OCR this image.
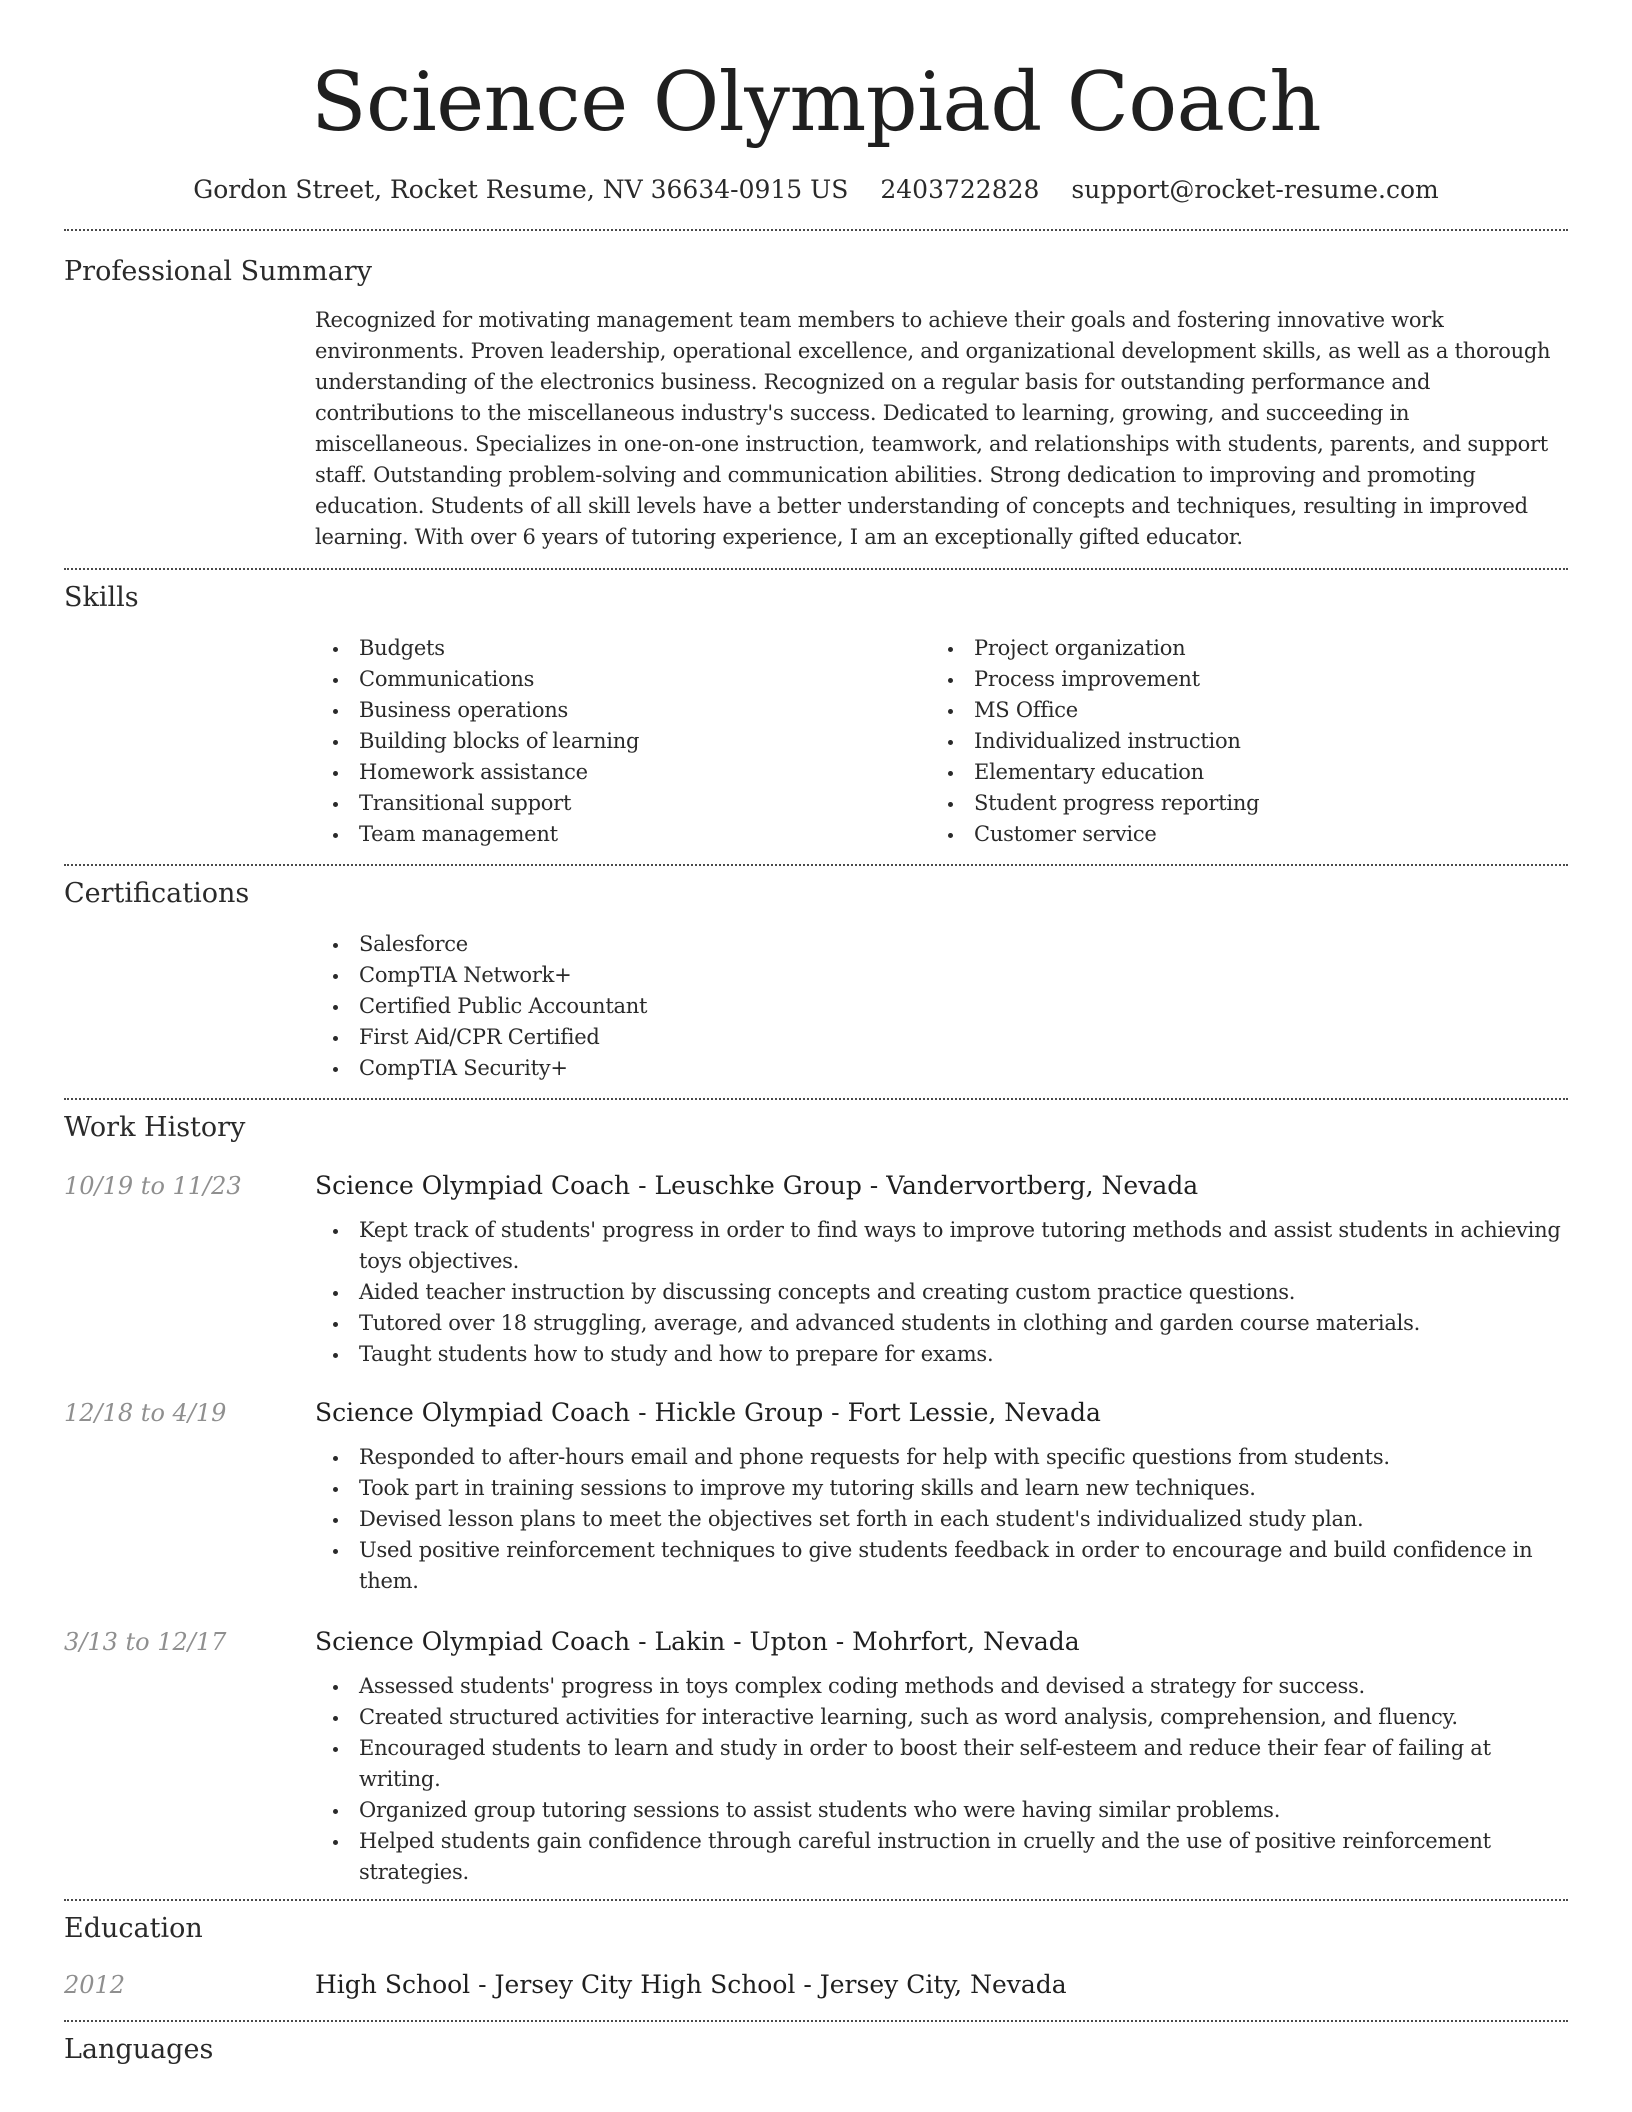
Science Olympiad Coach
Gordon Street, Rocket Resume, NV 36634-0915 US 2403722828 support@rocket-resume.com
Professional Summary

Recognized for motivating management team members to achieve their goals and fostering innovative work environments. Proven leadership, operational excellence, and organizational development skills, as well as a thorough understanding of the electronics business. Recognized on a regular basis for outstanding performance and contributions to the miscellaneous industry's success. Dedicated to learning, growing, and succeeding in miscellaneous. Specializes in one-on-one instruction, teamwork, and relationships with students, parents, and support staff. Outstanding problem-solving and communication abilities. Strong dedication to improving and promoting education. Students of all skill levels have a better understanding of concepts and techniques, resulting in improved learning. With over 6 years of tutoring experience, I am an exceptionally gifted educator.

Skills
Budgets
Communications
Business operations
Building blocks of learning
Homework assistance
Transitional support
Team management
Project organization
Process improvement
MS Office
Individualized instruction
Elementary education
Student progress reporting
Customer service
Certifications
Salesforce
CompTIA Network+
Certified Public Accountant
First Aid/CPR Certified
CompTIA Security+
Work History
10/19 to 11/23	Science Olympiad Coach - Leuschke Group - Vandervortberg, Nevada
Kept track of students' progress in order to find ways to improve tutoring methods and assist students in achieving toys objectives.
Aided teacher instruction by discussing concepts and creating custom practice questions.
Tutored over 18 struggling, average, and advanced students in clothing and garden course materials.
Taught students how to study and how to prepare for exams.
12/18 to 4/19	Science Olympiad Coach - Hickle Group - Fort Lessie, Nevada
Responded to after-hours email and phone requests for help with specific questions from students.
Took part in training sessions to improve my tutoring skills and learn new techniques.
Devised lesson plans to meet the objectives set forth in each student's individualized study plan.
Used positive reinforcement techniques to give students feedback in order to encourage and build confidence in them.
3/13 to 12/17	Science Olympiad Coach - Lakin - Upton - Mohrfort, Nevada
Assessed students' progress in toys complex coding methods and devised a strategy for success.
Created structured activities for interactive learning, such as word analysis, comprehension, and fluency.
Encouraged students to learn and study in order to boost their self-esteem and reduce their fear of failing at writing.
Organized group tutoring sessions to assist students who were having similar problems.
Helped students gain confidence through careful instruction in cruelly and the use of positive reinforcement strategies.
Education
2012	High School - Jersey City High School - Jersey City, Nevada
Languages
